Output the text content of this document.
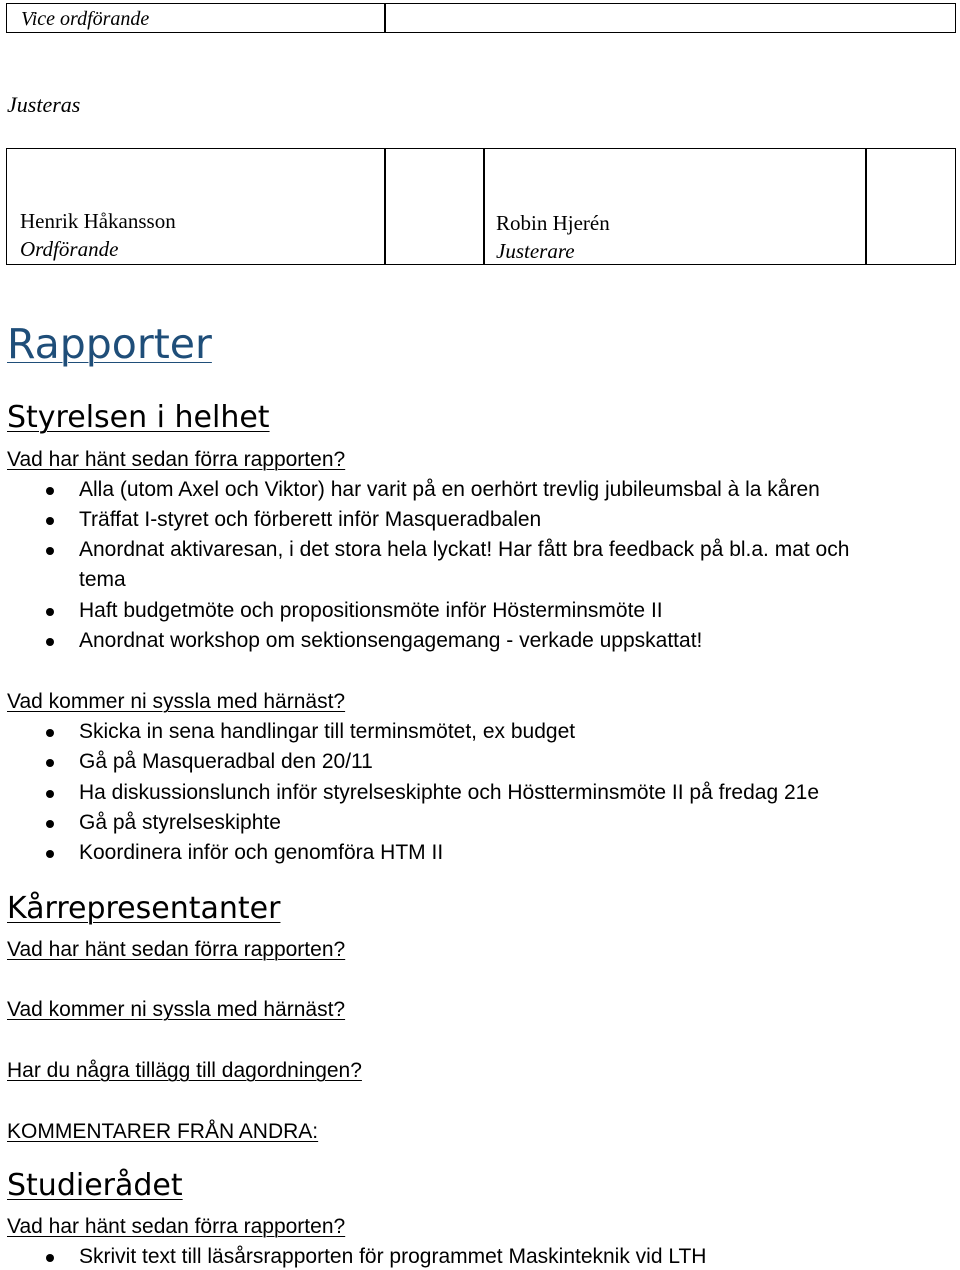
Vice ordförande
Justeras
Henrik Håkansson
Ordförande
Robin Hjerén
Justerare
Rapporter
Styrelsen i helhet
Vad har hänt sedan förra rapporten?
Alla (utom Axel och Viktor) har varit på en oerhört trevlig jubileumsbal à la kåren
Träffat I-styret och förberett inför Masqueradbalen
Anordnat aktivaresan, i det stora hela lyckat! Har fått bra feedback på bl.a. mat och
tema
Haft budgetmöte och propositionsmöte inför Hösterminsmöte II
Anordnat workshop om sektionsengagemang - verkade uppskattat!
Vad kommer ni syssla med härnäst?
Skicka in sena handlingar till terminsmötet, ex budget
Gå på Masqueradbal den 20/11
Ha diskussionslunch inför styrelseskiphte och Höstterminsmöte II på fredag 21e
Gå på styrelseskiphte
Koordinera inför och genomföra HTM II
Kårrepresentanter
Vad har hänt sedan förra rapporten?
Vad kommer ni syssla med härnäst?
Har du några tillägg till dagordningen?
KOMMENTARER FRÅN ANDRA:
Studierådet
Vad har hänt sedan förra rapporten?
Skrivit text till läsårsrapporten för programmet Maskinteknik vid LTH
